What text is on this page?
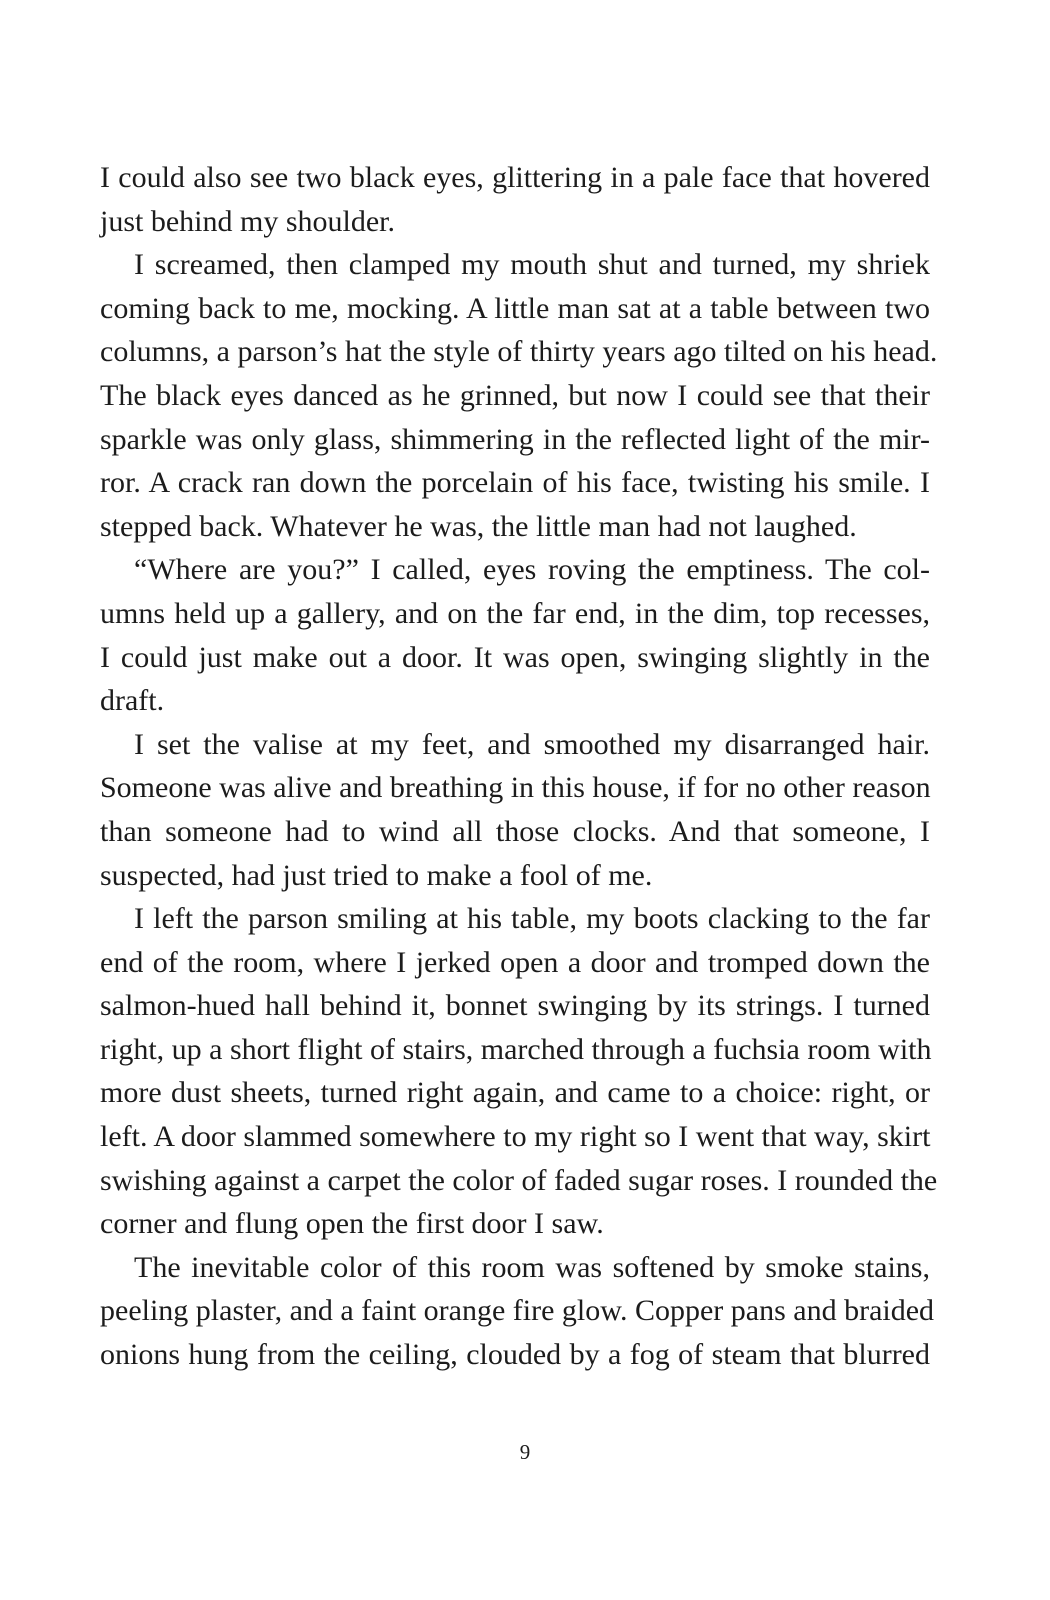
I could also see two black eyes, glittering in a pale face that hovered
just behind my shoulder.
I screamed, then clamped my mouth shut and turned, my shriek
coming back to me, mocking. A little man sat at a table between two
columns, a parson’s hat the style of thirty years ago tilted on his head.
The black eyes danced as he grinned, but now I could see that their
sparkle was only glass, shimmering in the reflected light of the mir-
ror. A crack ran down the porcelain of his face, twisting his smile. I
stepped back. Whatever he was, the little man had not laughed.
“Where are you?” I called, eyes roving the emptiness. The col-
umns held up a gallery, and on the far end, in the dim, top recesses,
I could just make out a door. It was open, swinging slightly in the
draft.
I set the valise at my feet, and smoothed my disarranged hair.
Someone was alive and breathing in this house, if for no other reason
than someone had to wind all those clocks. And that someone, I
suspected, had just tried to make a fool of me.
I left the parson smiling at his table, my boots clacking to the far
end of the room, where I jerked open a door and tromped down the
salmon-hued hall behind it, bonnet swinging by its strings. I turned
right, up a short flight of stairs, marched through a fuchsia room with
more dust sheets, turned right again, and came to a choice: right, or
left. A door slammed somewhere to my right so I went that way, skirt
swishing against a carpet the color of faded sugar roses. I rounded the
corner and flung open the first door I saw.
The inevitable color of this room was softened by smoke stains,
peeling plaster, and a faint orange fire glow. Copper pans and braided
onions hung from the ceiling, clouded by a fog of steam that blurred
9
